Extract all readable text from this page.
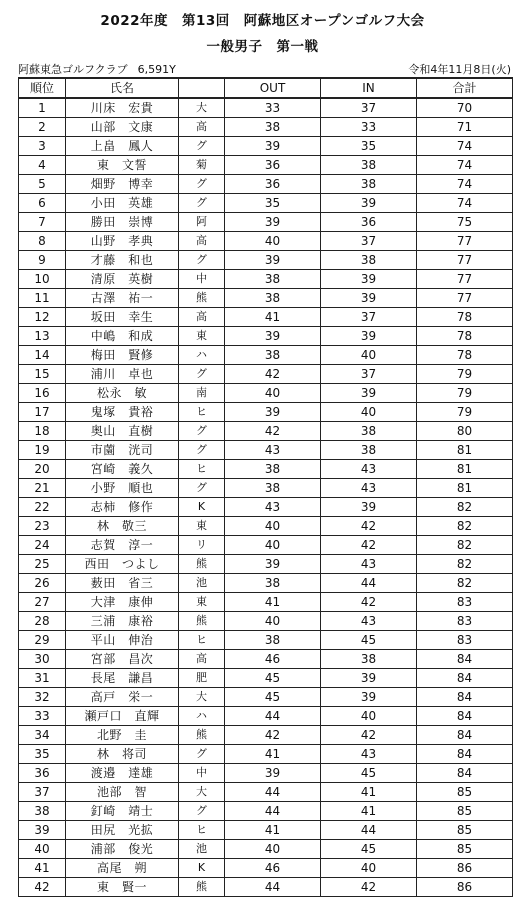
2022年度　第13回　阿蘇地区オープンゴルフ大会
一般男子　第一戦
阿蘇東急ゴルフクラブ 6,591Y	令和4年11月8日(火)
順位	氏名		OUT	IN	合計
1	川床　宏貴	大	33	37	70
2	山部　文康	高	38	33	71
3	上畠　鳳人	グ	39	35	74
4	東　文誓	菊	36	38	74
5	畑野　博幸	グ	36	38	74
6	小田　英雄	グ	35	39	74
7	勝田　崇博	阿	39	36	75
8	山野　孝典	高	40	37	77
9	才藤　和也	グ	39	38	77
10	清原　英樹	中	38	39	77
11	古澤　祐一	熊	38	39	77
12	坂田　幸生	高	41	37	78
13	中嶋　和成	東	39	39	78
14	梅田　賢修	ハ	38	40	78
15	浦川　卓也	グ	42	37	79
16	松永　敏	南	40	39	79
17	鬼塚　貴裕	ヒ	39	40	79
18	奥山　直樹	グ	42	38	80
19	市薗　洸司	グ	43	38	81
20	宮崎　義久	ヒ	38	43	81
21	小野　順也	グ	38	43	81
22	志柿　修作	K	43	39	82
23	林　敬三	東	40	42	82
24	志賀　淳一	リ	40	42	82
25	西田　つよし	熊	39	43	82
26	薮田　省三	池	38	44	82
27	大津　康伸	東	41	42	83
28	三浦　康裕	熊	40	43	83
29	平山　伸治	ヒ	38	45	83
30	宮部　昌次	高	46	38	84
31	長尾　謙昌	肥	45	39	84
32	高戸　栄一	大	45	39	84
33	瀬戸口　直輝	ハ	44	40	84
34	北野　圭	熊	42	42	84
35	林　将司	グ	41	43	84
36	渡邉　達雄	中	39	45	84
37	池部　智	大	44	41	85
38	釘崎　靖士	グ	44	41	85
39	田尻　光拡	ヒ	41	44	85
40	浦部　俊光	池	40	45	85
41	高尾　朔	K	46	40	86
42	東　賢一	熊	44	42	86
